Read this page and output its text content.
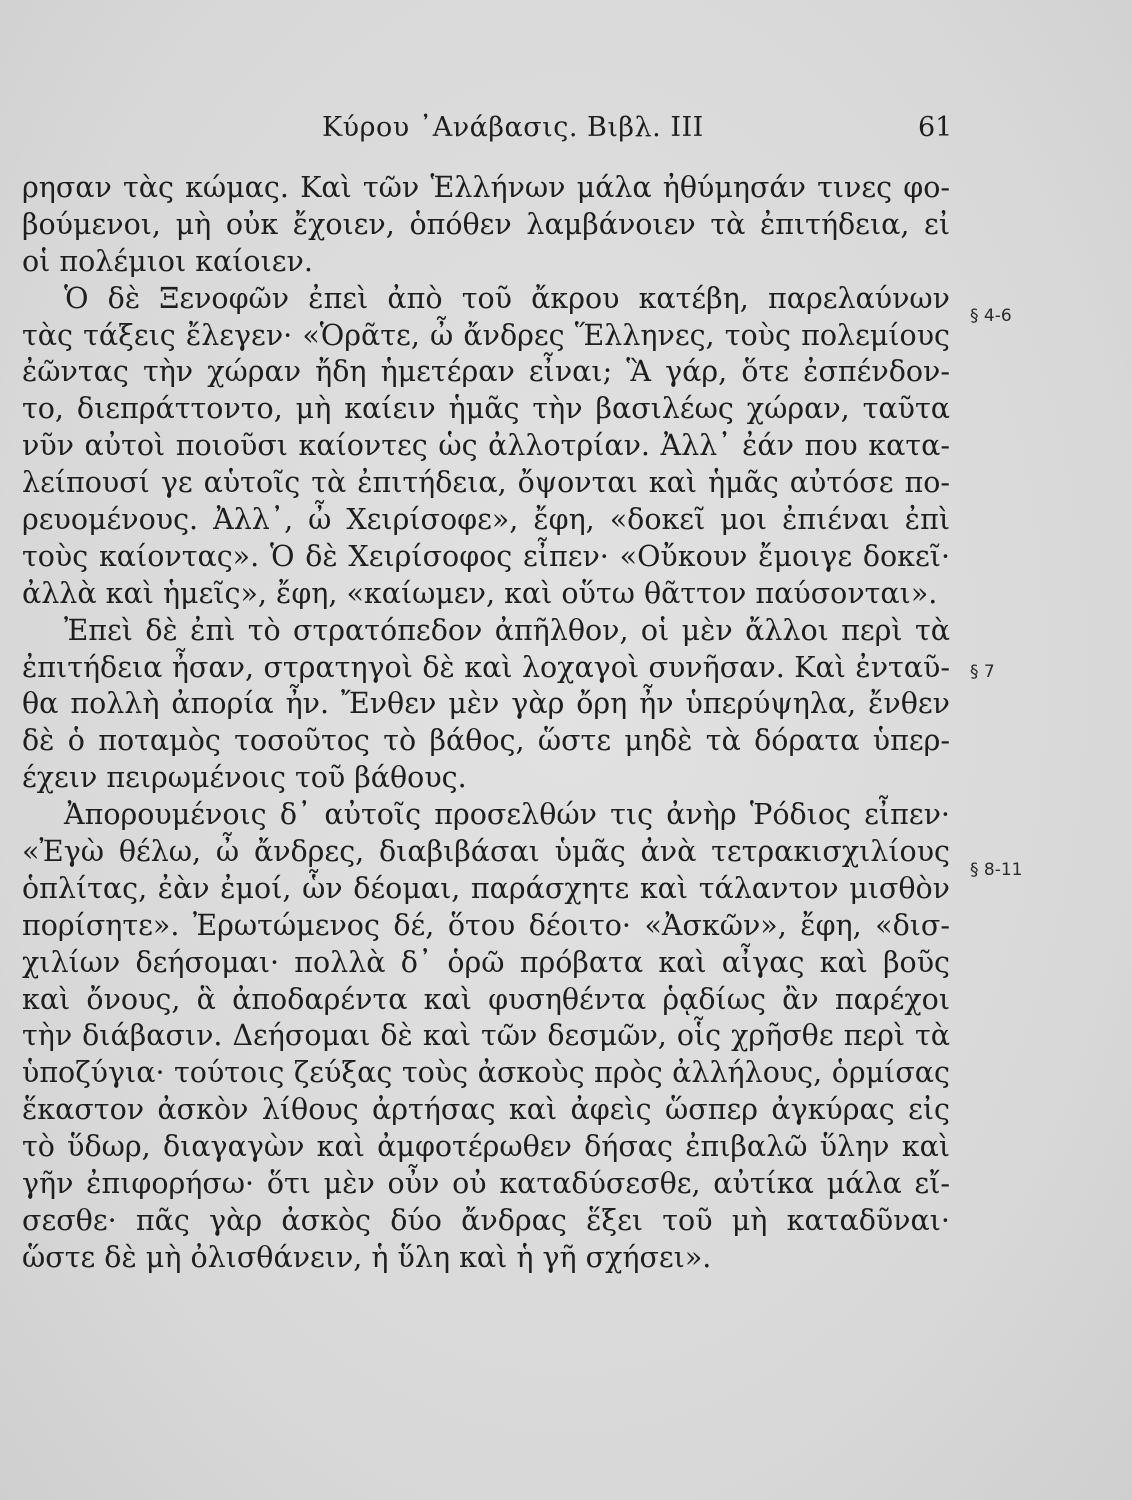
Κύρου ᾿Ανάβασις. Βιβλ. III	61
ρησαν τὰς κώμας. Καὶ τῶν Ἑλλήνων μάλα ἠθύμησάν τινες φο-
βούμενοι, μὴ οὐκ ἔχοιεν, ὁπόθεν λαμβάνοιεν τὰ ἐπιτήδεια, εἰ
οἱ πολέμιοι καίοιεν.
Ὁ δὲ Ξενοφῶν ἐπεὶ ἀπὸ τοῦ ἄκρου κατέβη, παρελαύνων
τὰς τάξεις ἔλεγεν· «Ὁρᾶτε, ὦ ἄνδρες Ἕλληνες, τοὺς πολεμίους
ἐῶντας τὴν χώραν ἤδη ἡμετέραν εἶναι; Ἃ γάρ, ὅτε ἐσπένδον-
το, διεπράττοντο, μὴ καίειν ἡμᾶς τὴν βασιλέως χώραν, ταῦτα
νῦν αὐτοὶ ποιοῦσι καίοντες ὡς ἀλλοτρίαν. Ἀλλ᾿ ἐάν που κατα-
λείπουσί γε αὑτοῖς τὰ ἐπιτήδεια, ὄψονται καὶ ἡμᾶς αὐτόσε πο-
ρευομένους. Ἀλλ᾿, ὦ Χειρίσοφε», ἔφη, «δοκεῖ μοι ἐπιέναι ἐπὶ
τοὺς καίοντας». Ὁ δὲ Χειρίσοφος εἶπεν· «Οὔκουν ἔμοιγε δοκεῖ·
ἀλλὰ καὶ ἡμεῖς», ἔφη, «καίωμεν, καὶ οὕτω θᾶττον παύσονται».
Ἐπεὶ δὲ ἐπὶ τὸ στρατόπεδον ἀπῆλθον, οἱ μὲν ἄλλοι περὶ τὰ
ἐπιτήδεια ἦσαν, στρατηγοὶ δὲ καὶ λοχαγοὶ συνῆσαν. Καὶ ἐνταῦ-
θα πολλὴ ἀπορία ἦν. Ἔνθεν μὲν γὰρ ὄρη ἦν ὑπερύψηλα, ἔνθεν
δὲ ὁ ποταμὸς τοσοῦτος τὸ βάθος, ὥστε μηδὲ τὰ δόρατα ὑπερ-
έχειν πειρωμένοις τοῦ βάθους.
Ἀπορουμένοις δ᾿ αὐτοῖς προσελθών τις ἀνὴρ Ῥόδιος εἶπεν·
«Ἐγὼ θέλω, ὦ ἄνδρες, διαβιβάσαι ὑμᾶς ἀνὰ τετρακισχιλίους
ὁπλίτας, ἐὰν ἐμοί, ὧν δέομαι, παράσχητε καὶ τάλαντον μισθὸν
πορίσητε». Ἐρωτώμενος δέ, ὅτου δέοιτο· «Ἀσκῶν», ἔφη, «δισ-
χιλίων δεήσομαι· πολλὰ δ᾿ ὁρῶ πρόβατα καὶ αἶγας καὶ βοῦς
καὶ ὄνους, ἃ ἀποδαρέντα καὶ φυσηθέντα ῥᾳδίως ἂν παρέχοι
τὴν διάβασιν. Δεήσομαι δὲ καὶ τῶν δεσμῶν, οἷς χρῆσθε περὶ τὰ
ὑποζύγια· τούτοις ζεύξας τοὺς ἀσκοὺς πρὸς ἀλλήλους, ὁρμίσας
ἕκαστον ἀσκὸν λίθους ἀρτήσας καὶ ἀφεὶς ὥσπερ ἀγκύρας εἰς
τὸ ὕδωρ, διαγαγὼν καὶ ἀμφοτέρωθεν δήσας ἐπιβαλῶ ὕλην καὶ
γῆν ἐπιφορήσω· ὅτι μὲν οὖν οὐ καταδύσεσθε, αὐτίκα μάλα εἴ-
σεσθε· πᾶς γὰρ ἀσκὸς δύο ἄνδρας ἕξει τοῦ μὴ καταδῦναι·
ὥστε δὲ μὴ ὀλισθάνειν, ἡ ὕλη καὶ ἡ γῆ σχήσει».
§ 4-6
§ 7
§ 8-11
